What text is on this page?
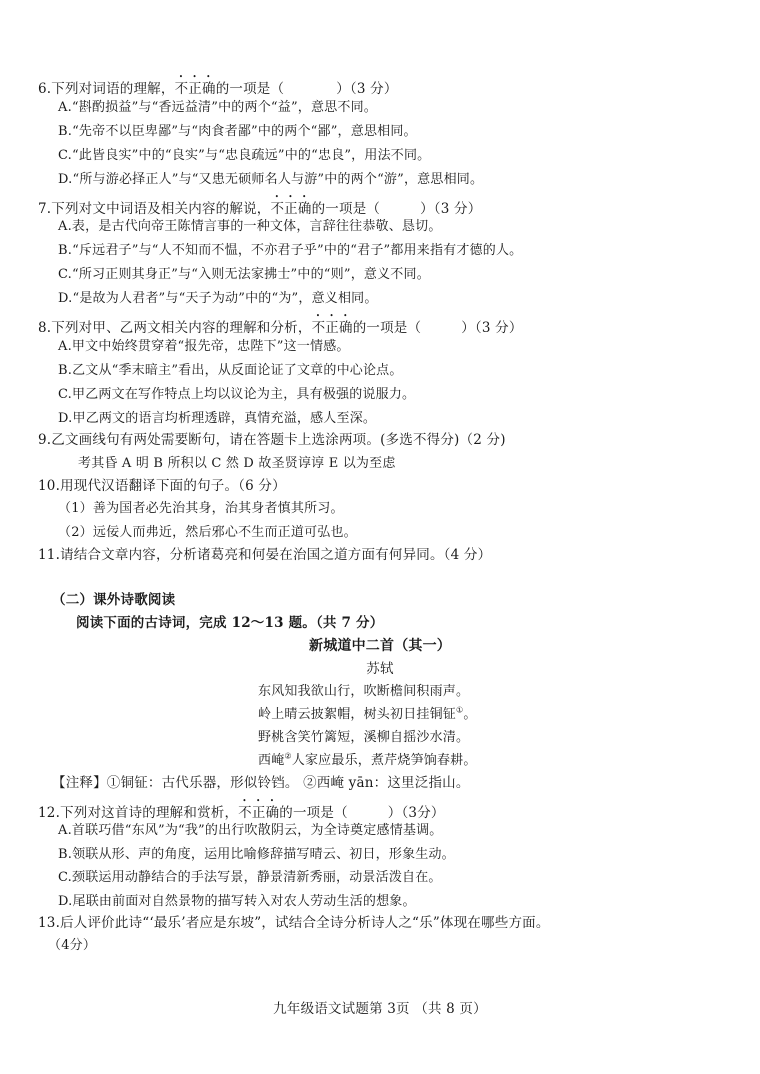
6.下列对词语的理解，不正确的一项是（	）（3 分）
A.“斟酌损益”与“香远益清”中的两个“益”，意思不同。
B.“先帝不以臣卑鄙”与“肉食者鄙”中的两个“鄙”，意思相同。
C.“此皆良实”中的“良实”与“忠良疏远”中的“忠良”，用法不同。
D.“所与游必择正人”与“又患无硕师名人与游”中的两个“游”，意思相同。
7.下列对文中词语及相关内容的解说，不正确的一项是（	）（3 分）
A.表，是古代向帝王陈情言事的一种文体，言辞往往恭敬、恳切。
B.“斥远君子”与“人不知而不愠，不亦君子乎”中的“君子”都用来指有才德的人。
C.“所习正则其身正”与“入则无法家拂士”中的“则”，意义不同。
D.“是故为人君者”与“天子为动”中的“为”，意义相同。
8.下列对甲、乙两文相关内容的理解和分析，不正确的一项是（	）（3 分）
A.甲文中始终贯穿着“报先帝，忠陛下”这一情感。
B.乙文从“季末暗主”看出，从反面论证了文章的中心论点。
C.甲乙两文在写作特点上均以议论为主，具有极强的说服力。
D.甲乙两文的语言均析理透辟，真情充溢，感人至深。
9.乙文画线句有两处需要断句，请在答题卡上选涂两项。(多选不得分)（2 分)
考其昏 A 明 B 所积以 C 然 D 故圣贤谆谆 E 以为至虑
10.用现代汉语翻译下面的句子。（6 分）
（1）善为国者必先治其身，治其身者慎其所习。
（2）远佞人而弗近，然后邪心不生而正道可弘也。
11.请结合文章内容，分析诸葛亮和何晏在治国之道方面有何异同。（4 分）
（二）课外诗歌阅读
阅读下面的古诗词，完成 12～13 题。（共 7 分）
新城道中二首（其一）
苏轼
东风知我欲山行，吹断檐间积雨声。
岭上晴云披絮帽，树头初日挂铜钲①。
野桃含笑竹篱短，溪柳自摇沙水清。
西崦②人家应最乐，煮芹烧笋饷春耕。
【注释】①铜钲：古代乐器，形似铃铛。 ②西崦 yān：这里泛指山。
12.下列对这首诗的理解和赏析，不正确的一项是（	）（3分）
A.首联巧借“东风”为“我”的出行吹散阴云，为全诗奠定感情基调。
B.领联从形、声的角度，运用比喻修辞描写晴云、初日，形象生动。
C.颈联运用动静结合的手法写景，静景清新秀丽，动景活泼自在。
D.尾联由前面对自然景物的描写转入对农人劳动生活的想象。
13.后人评价此诗“‘最乐’者应是东坡”，试结合全诗分析诗人之“乐”体现在哪些方面。
（4分）
九年级语文试题第 3页 （共 8 页）
